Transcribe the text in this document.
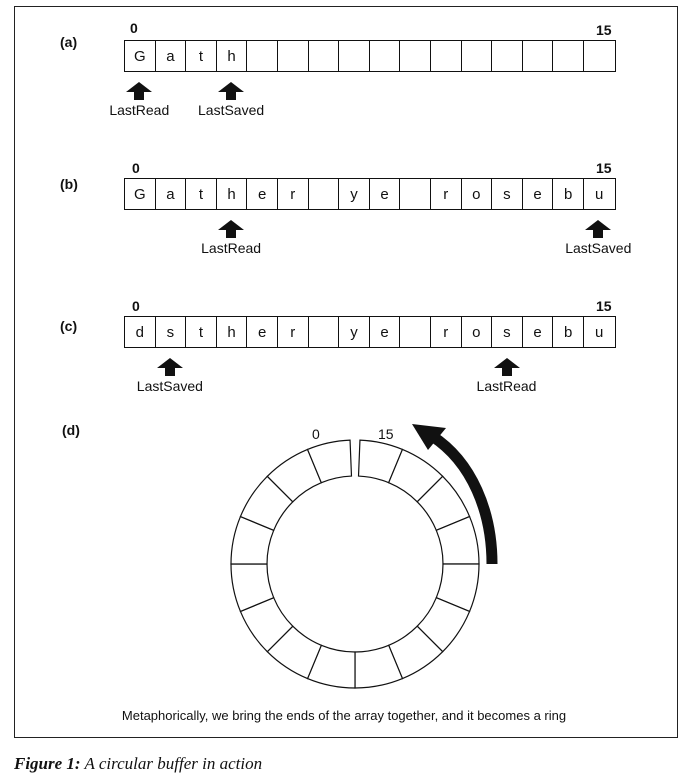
(a)
0	15
G	a	t	h
LastRead LastSaved
(b)
0	15
G	a	t	h	e	r	y	e	r	o	s	e	b	u
LastRead	LastSaved
(c)
0	15
d	s	t	h	e	r	y	e	r	o	s	e	b	u
LastSaved	LastRead
(d)	0	15
Metaphorically, we bring the ends of the array together, and it becomes a ring
Figure 1: A circular buffer in action
